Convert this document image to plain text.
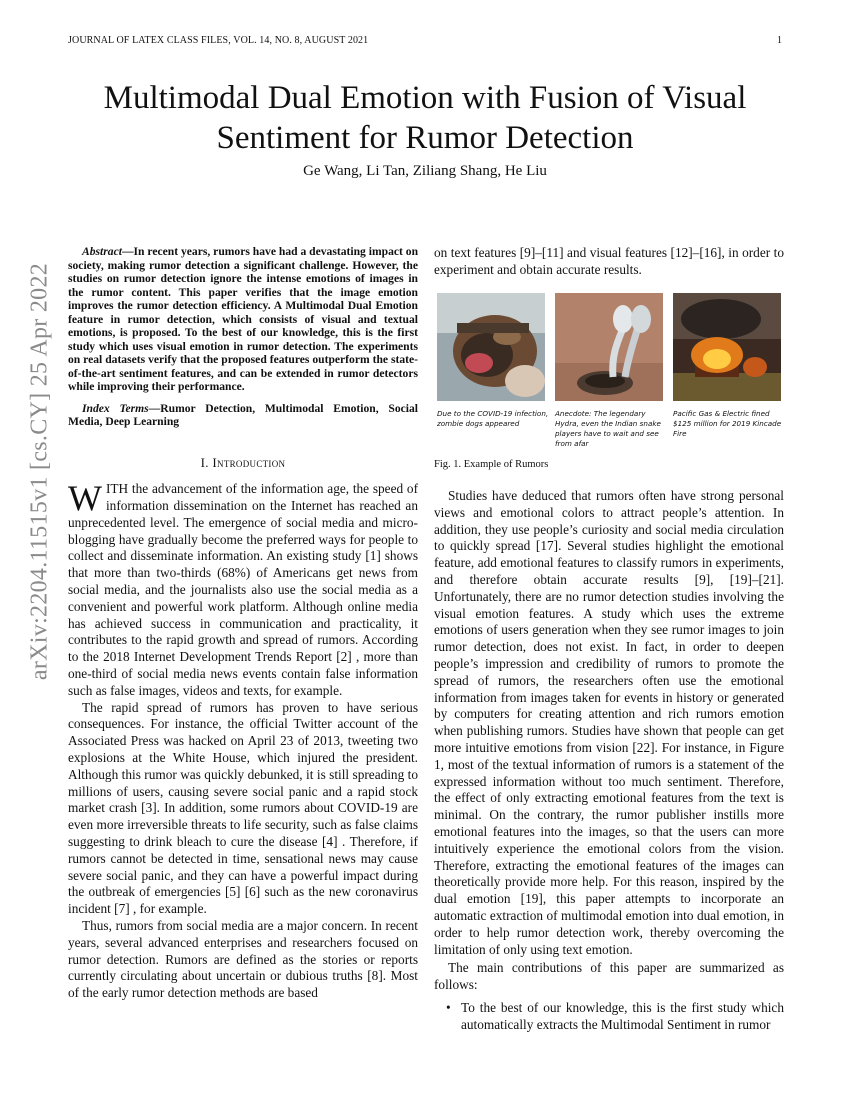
JOURNAL OF LATEX CLASS FILES, VOL. 14, NO. 8, AUGUST 2021	1
arXiv:2204.11515v1 [cs.CY] 25 Apr 2022
Multimodal Dual Emotion with Fusion of Visual Sentiment for Rumor Detection
Ge Wang, Li Tan, Ziliang Shang, He Liu

Abstract—In recent years, rumors have had a devastating impact on society, making rumor detection a significant challenge. However, the studies on rumor detection ignore the intense emotions of images in the rumor content. This paper verifies that the image emotion improves the rumor detection efficiency. A Multimodal Dual Emotion feature in rumor detection, which consists of visual and textual emotions, is proposed. To the best of our knowledge, this is the first study which uses visual emotion in rumor detection. The experiments on real datasets verify that the proposed features outperform the state-of-the-art sentiment features, and can be extended in rumor detectors while improving their performance.

Index Terms—Rumor Detection, Multimodal Emotion, Social Media, Deep Learning

I. Introduction

WITH the advancement of the information age, the speed of information dissemination on the Internet has reached an unprecedented level. The emergence of social media and micro-blogging have gradually become the preferred ways for people to collect and disseminate information. An existing study [1] shows that more than two-thirds (68%) of Americans get news from social media, and the journalists also use the social media as a convenient and powerful work platform. Although online media has achieved success in communication and practicality, it contributes to the rapid growth and spread of rumors. According to the 2018 Internet Development Trends Report [2] , more than one-third of social media news events contain false information such as false images, videos and texts, for example.

The rapid spread of rumors has proven to have serious consequences. For instance, the official Twitter account of the Associated Press was hacked on April 23 of 2013, tweeting two explosions at the White House, which injured the president. Although this rumor was quickly debunked, it is still spreading to millions of users, causing severe social panic and a rapid stock market crash [3]. In addition, some rumors about COVID-19 are even more irreversible threats to life security, such as false claims suggesting to drink bleach to cure the disease [4] . Therefore, if rumors cannot be detected in time, sensational news may cause severe social panic, and they can have a powerful impact during the outbreak of emergencies [5] [6] such as the new coronavirus incident [7] , for example.

Thus, rumors from social media are a major concern. In recent years, several advanced enterprises and researchers focused on rumor detection. Rumors are defined as the stories or reports currently circulating about uncertain or dubious truths [8]. Most of the early rumor detection methods are based

on text features [9]–[11] and visual features [12]–[16], in order to experiment and obtain accurate results.

Due to the COVID-19 infection, zombie dogs appeared
Anecdote: The legendary Hydra, even the Indian snake players have to wait and see from afar
Pacific Gas & Electric fined $125 million for 2019 Kincade Fire
Fig. 1. Example of Rumors

Studies have deduced that rumors often have strong personal views and emotional colors to attract people’s attention. In addition, they use people’s curiosity and social media circulation to quickly spread [17]. Several studies highlight the emotional feature, add emotional features to classify rumors in experiments, and therefore obtain accurate results [9], [19]–[21]. Unfortunately, there are no rumor detection studies involving the visual emotion features. A study which uses the extreme emotions of users generation when they see rumor images to join rumor detection, does not exist. In fact, in order to deepen people’s impression and credibility of rumors to promote the spread of rumors, the researchers often use the emotional information from images taken for events in history or generated by computers for creating attention and rich rumors emotion when publishing rumors. Studies have shown that people can get more intuitive emotions from vision [22]. For instance, in Figure 1, most of the textual information of rumors is a statement of the expressed information without too much sentiment. Therefore, the effect of only extracting emotional features from the text is minimal. On the contrary, the rumor publisher instills more emotional features into the images, so that the users can more intuitively experience the emotional colors from the vision. Therefore, extracting the emotional features of the images can theoretically provide more help. For this reason, inspired by the dual emotion [19], this paper attempts to incorporate an automatic extraction of multimodal emotion into dual emotion, in order to help rumor detection work, thereby overcoming the limitation of only using text emotion.

The main contributions of this paper are summarized as follows:

• To the best of our knowledge, this is the first study which automatically extracts the Multimodal Sentiment in rumor
